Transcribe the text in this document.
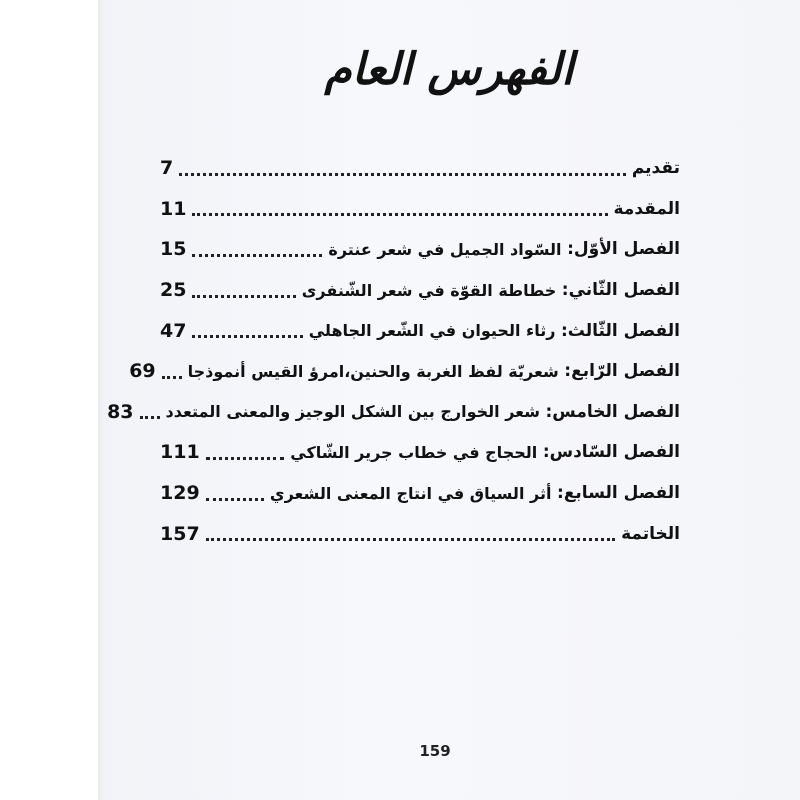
الفهرس العام
تقديم
7
المقدمة
11
الفصل الأوّل:

السّواد الجميل في شعر عنترة
15
الفصل الثّاني:

خطاطة القوّة في شعر الشّنفرى
25
الفصل الثّالث:

رثاء الحيوان في الشّعر الجاهلي
47
الفصل الرّابع:

شعريّة لفظ الغربة والحنين،امرؤ القيس أنموذجا
69
الفصل الخامس:

شعر الخوارج بين الشكل الوجيز والمعنى المتعدد
83
الفصل السّادس:

الحجاج في خطاب جرير الشّاكي
111
الفصل السابع:

أثر السياق في انتاج المعنى الشعري
129
الخاتمة
157
159
